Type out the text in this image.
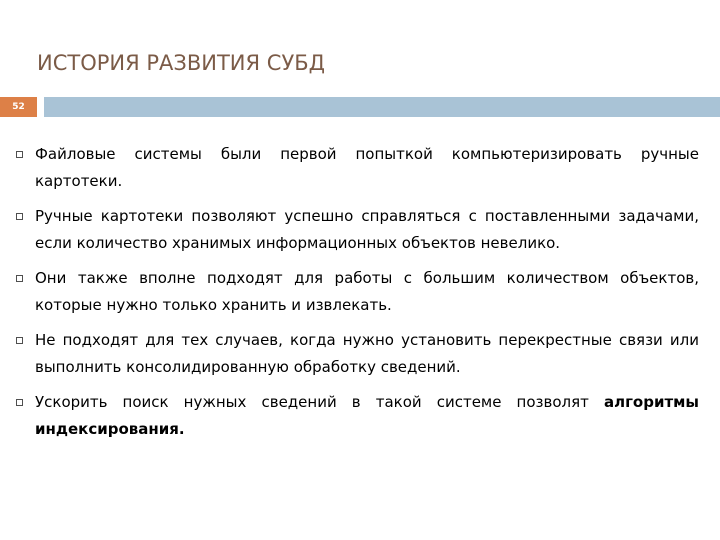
ИСТОРИЯ РАЗВИТИЯ СУБД
52
Файловые системы были первой попыткой компьютеризировать ручные картотеки.
Ручные картотеки позволяют успешно справляться с поставленными задачами, если количество хранимых информационных объектов невелико.
Они также вполне подходят для работы с большим количеством объектов, которые нужно только хранить и извлекать.
Не подходят для тех случаев, когда нужно установить перекрестные связи или выполнить консолидированную обработку сведений.
Ускорить поиск нужных сведений в такой системе позволят алгоритмы индексирования.
